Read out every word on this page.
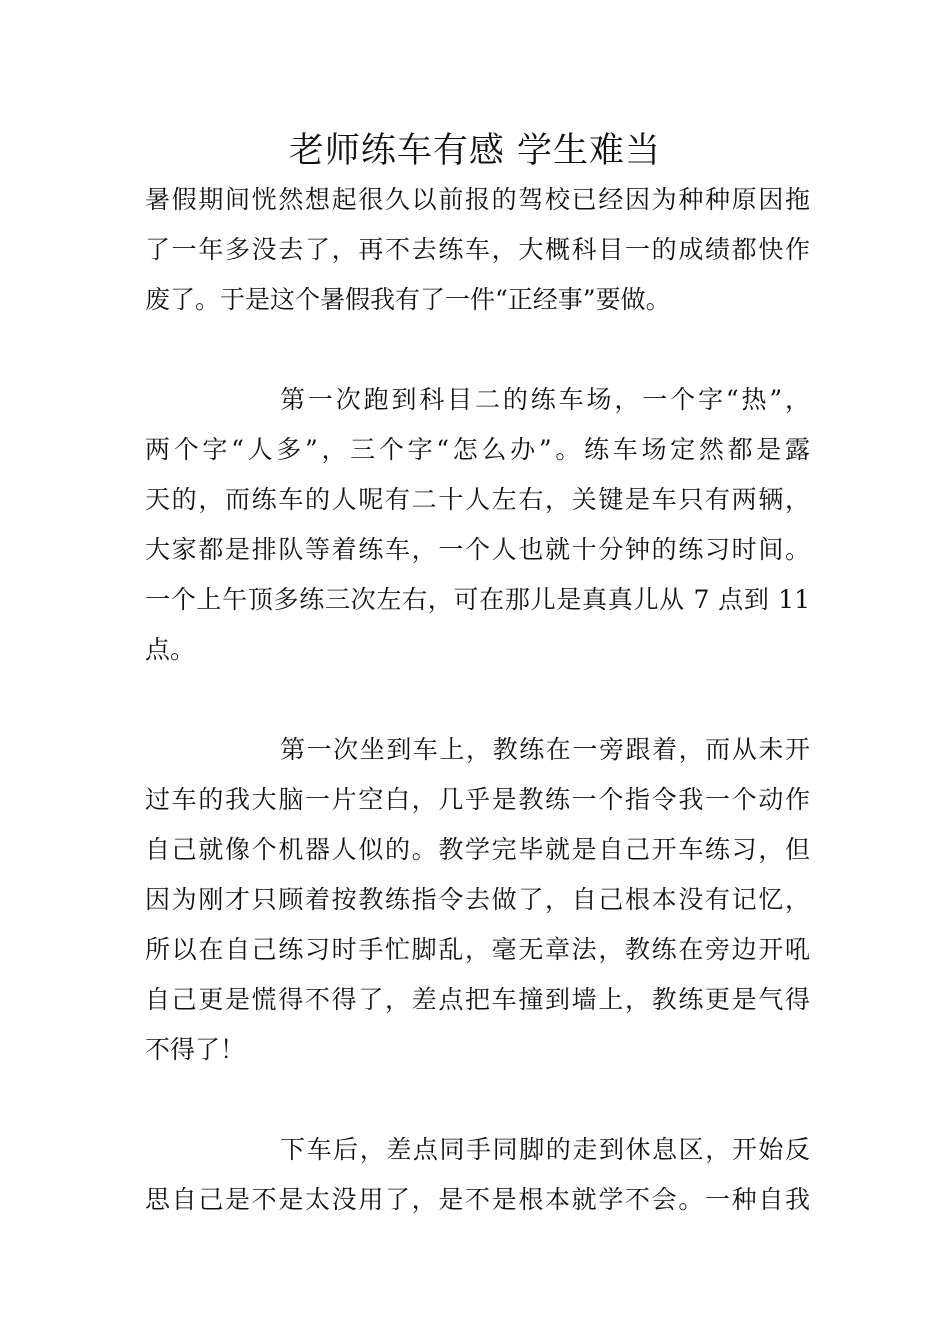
老师练车有感 学生难当

暑假期间恍然想起很久以前报的驾校已经因为种种原因拖
了一年多没去了，再不去练车，大概科目一的成绩都快作
废了。于是这个暑假我有了一件“正经事”要做。

第一次跑到科目二的练车场，一个字“热”，
两个字“人多”，三个字“怎么办”。练车场定然都是露
天的，而练车的人呢有二十人左右，关键是车只有两辆，
大家都是排队等着练车，一个人也就十分钟的练习时间。
一个上午顶多练三次左右，可在那儿是真真儿从 7 点到 11
点。

第一次坐到车上，教练在一旁跟着，而从未开
过车的我大脑一片空白，几乎是教练一个指令我一个动作
自己就像个机器人似的。教学完毕就是自己开车练习，但
因为刚才只顾着按教练指令去做了，自己根本没有记忆，
所以在自己练习时手忙脚乱，毫无章法，教练在旁边开吼
自己更是慌得不得了，差点把车撞到墙上，教练更是气得
不得了！

下车后，差点同手同脚的走到休息区，开始反
思自己是不是太没用了，是不是根本就学不会。一种自我
